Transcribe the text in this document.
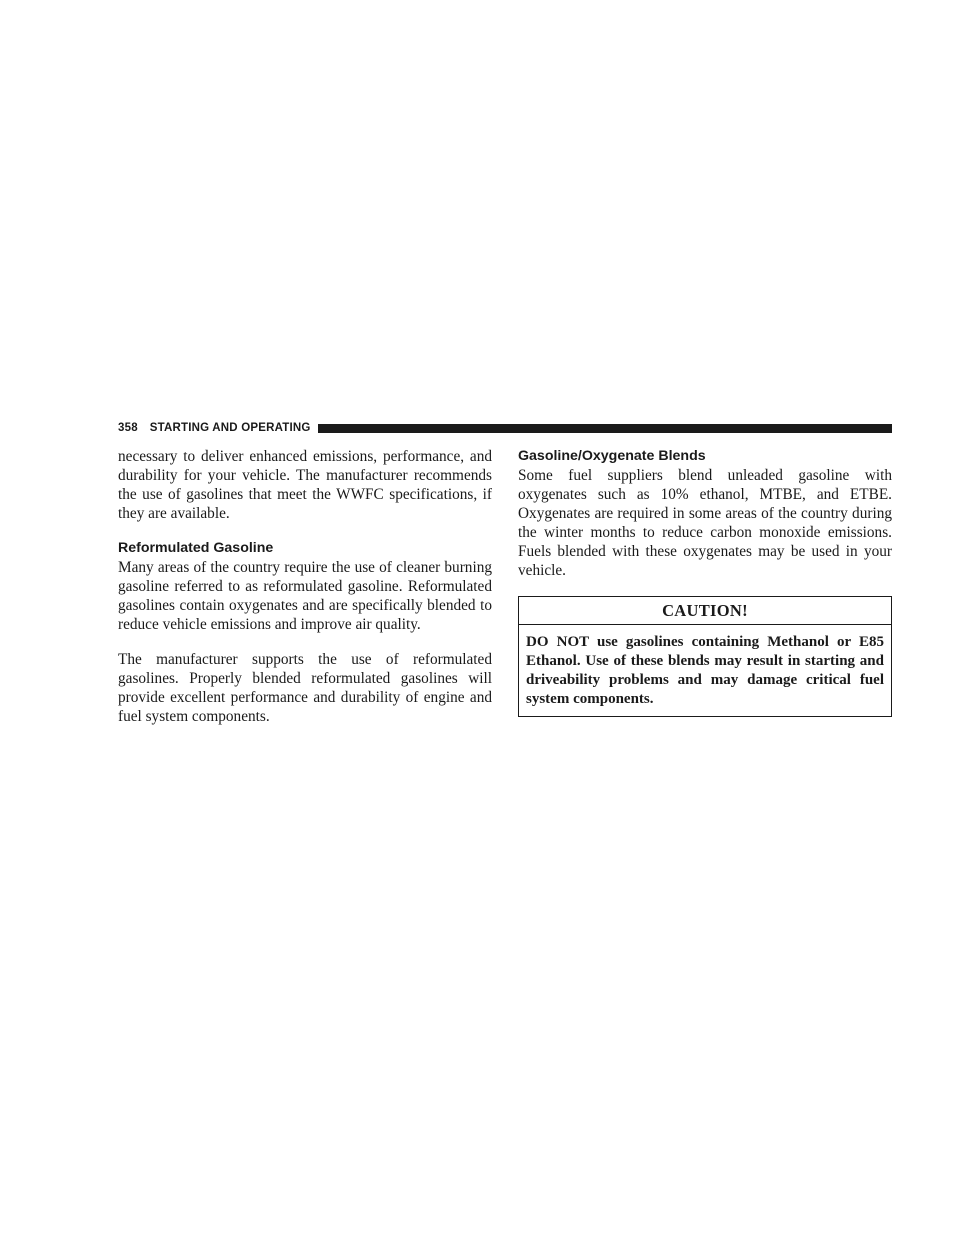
358 STARTING AND OPERATING

necessary to deliver enhanced emissions, performance, and durability for your vehicle. The manufacturer recommends the use of gasolines that meet the WWFC specifications, if they are available.

Reformulated Gasoline

Many areas of the country require the use of cleaner burning gasoline referred to as reformulated gasoline. Reformulated gasolines contain oxygenates and are specifically blended to reduce vehicle emissions and improve air quality.

The manufacturer supports the use of reformulated gasolines. Properly blended reformulated gasolines will provide excellent performance and durability of engine and fuel system components.

Gasoline/Oxygenate Blends

Some fuel suppliers blend unleaded gasoline with oxygenates such as 10% ethanol, MTBE, and ETBE. Oxygenates are required in some areas of the country during the winter months to reduce carbon monoxide emissions. Fuels blended with these oxygenates may be used in your vehicle.

CAUTION!

DO NOT use gasolines containing Methanol or E85 Ethanol. Use of these blends may result in starting and driveability problems and may damage critical fuel system components.
